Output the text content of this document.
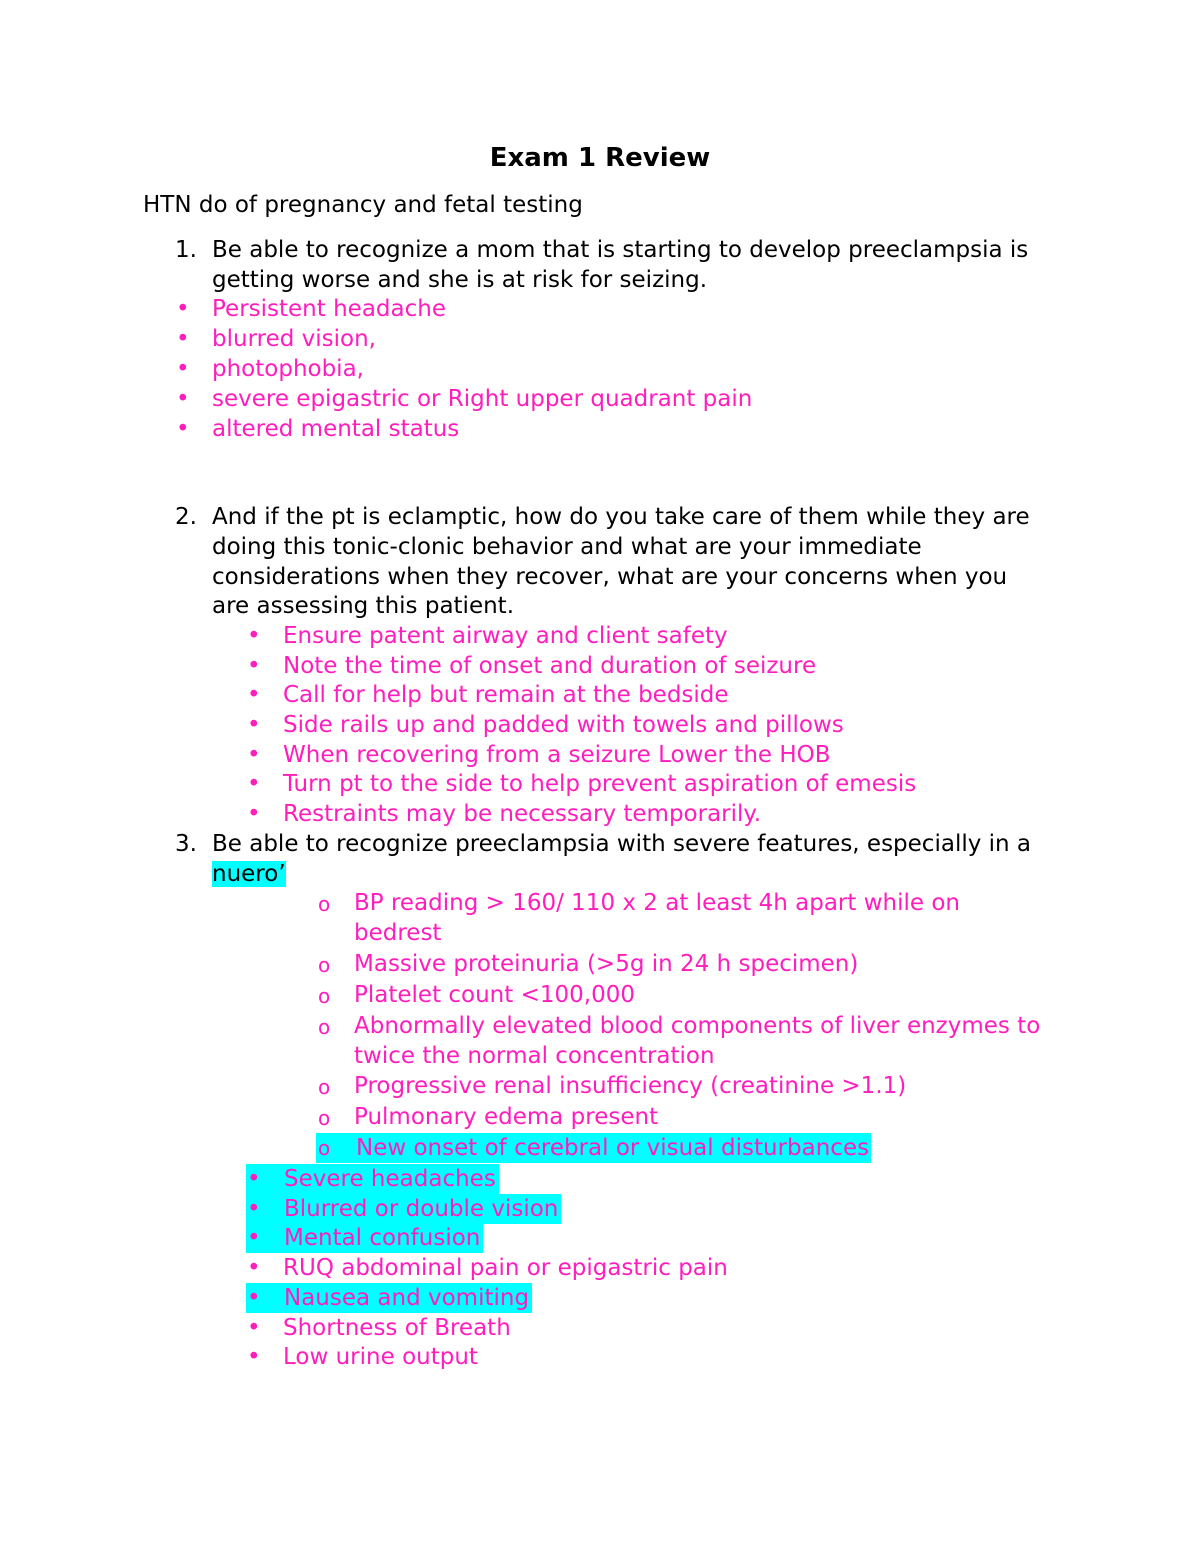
Exam 1 Review
HTN do of pregnancy and fetal testing
1. Be able to recognize a mom that is starting to develop preeclampsia is
getting worse and she is at risk for seizing.
• Persistent headache
• blurred vision,
• photophobia,
• severe epigastric or Right upper quadrant pain
• altered mental status
2. And if the pt is eclamptic, how do you take care of them while they are
doing this tonic-clonic behavior and what are your immediate
considerations when they recover, what are your concerns when you
are assessing this patient.
• Ensure patent airway and client safety
• Note the time of onset and duration of seizure
• Call for help but remain at the bedside
• Side rails up and padded with towels and pillows
• When recovering from a seizure Lower the HOB
• Turn pt to the side to help prevent aspiration of emesis
• Restraints may be necessary temporarily.
3. Be able to recognize preeclampsia with severe features, especially in a
nuero’
o BP reading > 160/ 110 x 2 at least 4h apart while on
bedrest
o Massive proteinuria (>5g in 24 h specimen)
o Platelet count <100,000
o Abnormally elevated blood components of liver enzymes to
twice the normal concentration
o Progressive renal insufficiency (creatinine >1.1)
o Pulmonary edema present
o New onset of cerebral or visual disturbances
• Severe headaches
• Blurred or double vision
• Mental confusion
• RUQ abdominal pain or epigastric pain
• Nausea and vomiting
• Shortness of Breath
• Low urine output
